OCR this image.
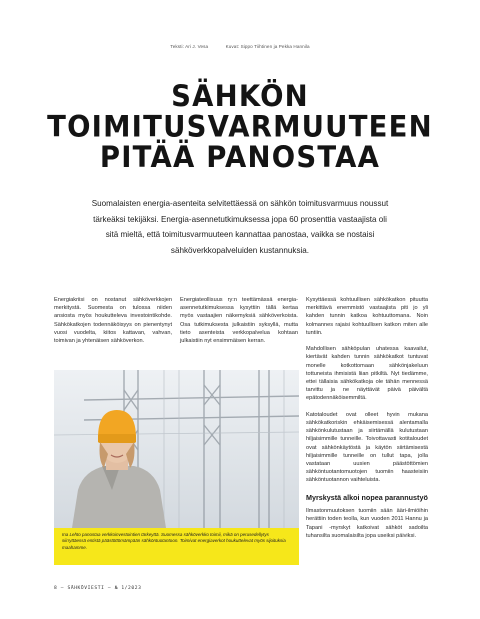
Teksti: Ari J. Vesa	Kuvat: Sippo Tiihtinen ja Pekka Hannila
SÄHKÖN
TOIMITUSVARMUUTEEN
PITÄÄ PANOSTAA

Suomalaisten energia-asenteita selvitettäessä on sähkön toimitusvarmuus noussut tärkeäksi tekijäksi. Energia-asennetutkimuksessa jopa 60 prosenttia vastaajista oli sitä mieltä, että toimitusvarmuuteen kannattaa panostaa, vaikka se nostaisi sähköverkkopalveluiden kustannuksia.

Energiakriisi on nostanut sähköverkkojen merkitystä. Suomesta on tulossa niiden ansiosta myös houkutteleva investointikohde. Sähkökatkojen todennäköisyys on pienentynyt vuosi vuodelta, kiitos kattavan, vahvan, toimivan ja yhtenäisen sähköverkon.

Energiateollisuus ry:n teettämässä energia-asennetutkimuksessa kysyttiin tällä kertaa myös vastaajien näkemyksiä sähköverkoista. Osa tutkimuksesta julkaistiin syksyllä, mutta tieto asenteista verkkopalvelua kohtaan julkaistiin nyt ensimmäisen kerran.

Kysyttäessä kohtuullisen sähkökatkon pituutta merkittävä enemmistö vastaajista piti jo yli kahden tunnin katkoa kohtuuttomana. Noin kolmannes rajaisi kohtuullisen katkon miten alle tuntiin.

Mahdollisen sähköpulan uhatessa kaavailut, kiertävät kahden tunnin sähkökatkot tuntuvat monelle kotkottomaan sähkönjakeluun tottuneista ihmisistä liian pitkiltä. Nyt tiedämme, ettei tällaisia sähkökatkoja ole tähän mennessä tarvittu ja ne näyttävät päivä päivältä epätodennäköisemmiltä.

Katotaloudet ovat olleet hyvin mukana sähkökatkoriskin ehkäisemisessä alentamalla sähkönkulutustaan ja siirtämällä kulutustaan hiljaisimmille tunneille. Toivottavasti kotitaloudet ovat sähkönkäytöstä ja käytön siirtämisestä hiljaisimmille tunneille on tullut tapa, jolla vastataan uusien päästöttömien sähköntuotantomuotojen tuomiin haasteisiin sähköntuotannon vaihteluista.

Myrskystä alkoi nopea parannustyö

Ilmastonmuutoksen tuomiin sään ääri-ilmiöihin herättiin toden teolla, kun vuoden 2011 Hannu ja Tapani -myrskyt katkoivat sähköt sadoilta tuhansilta suomalaisilta jopa useiksi päiviksi.

Ina Lehto panostaa verkkoinvestointien tärkeyttä. Suomessa sähköverkko toimii, mikä on perusedellytys siirryttäessä entistä päästöttömämpään sähköntuotantoon. Toimivat energiaverkot houkuttelevat myös sijoituksia maahamme.
8 – SÄHKÖVIESTI – № 1/2023
